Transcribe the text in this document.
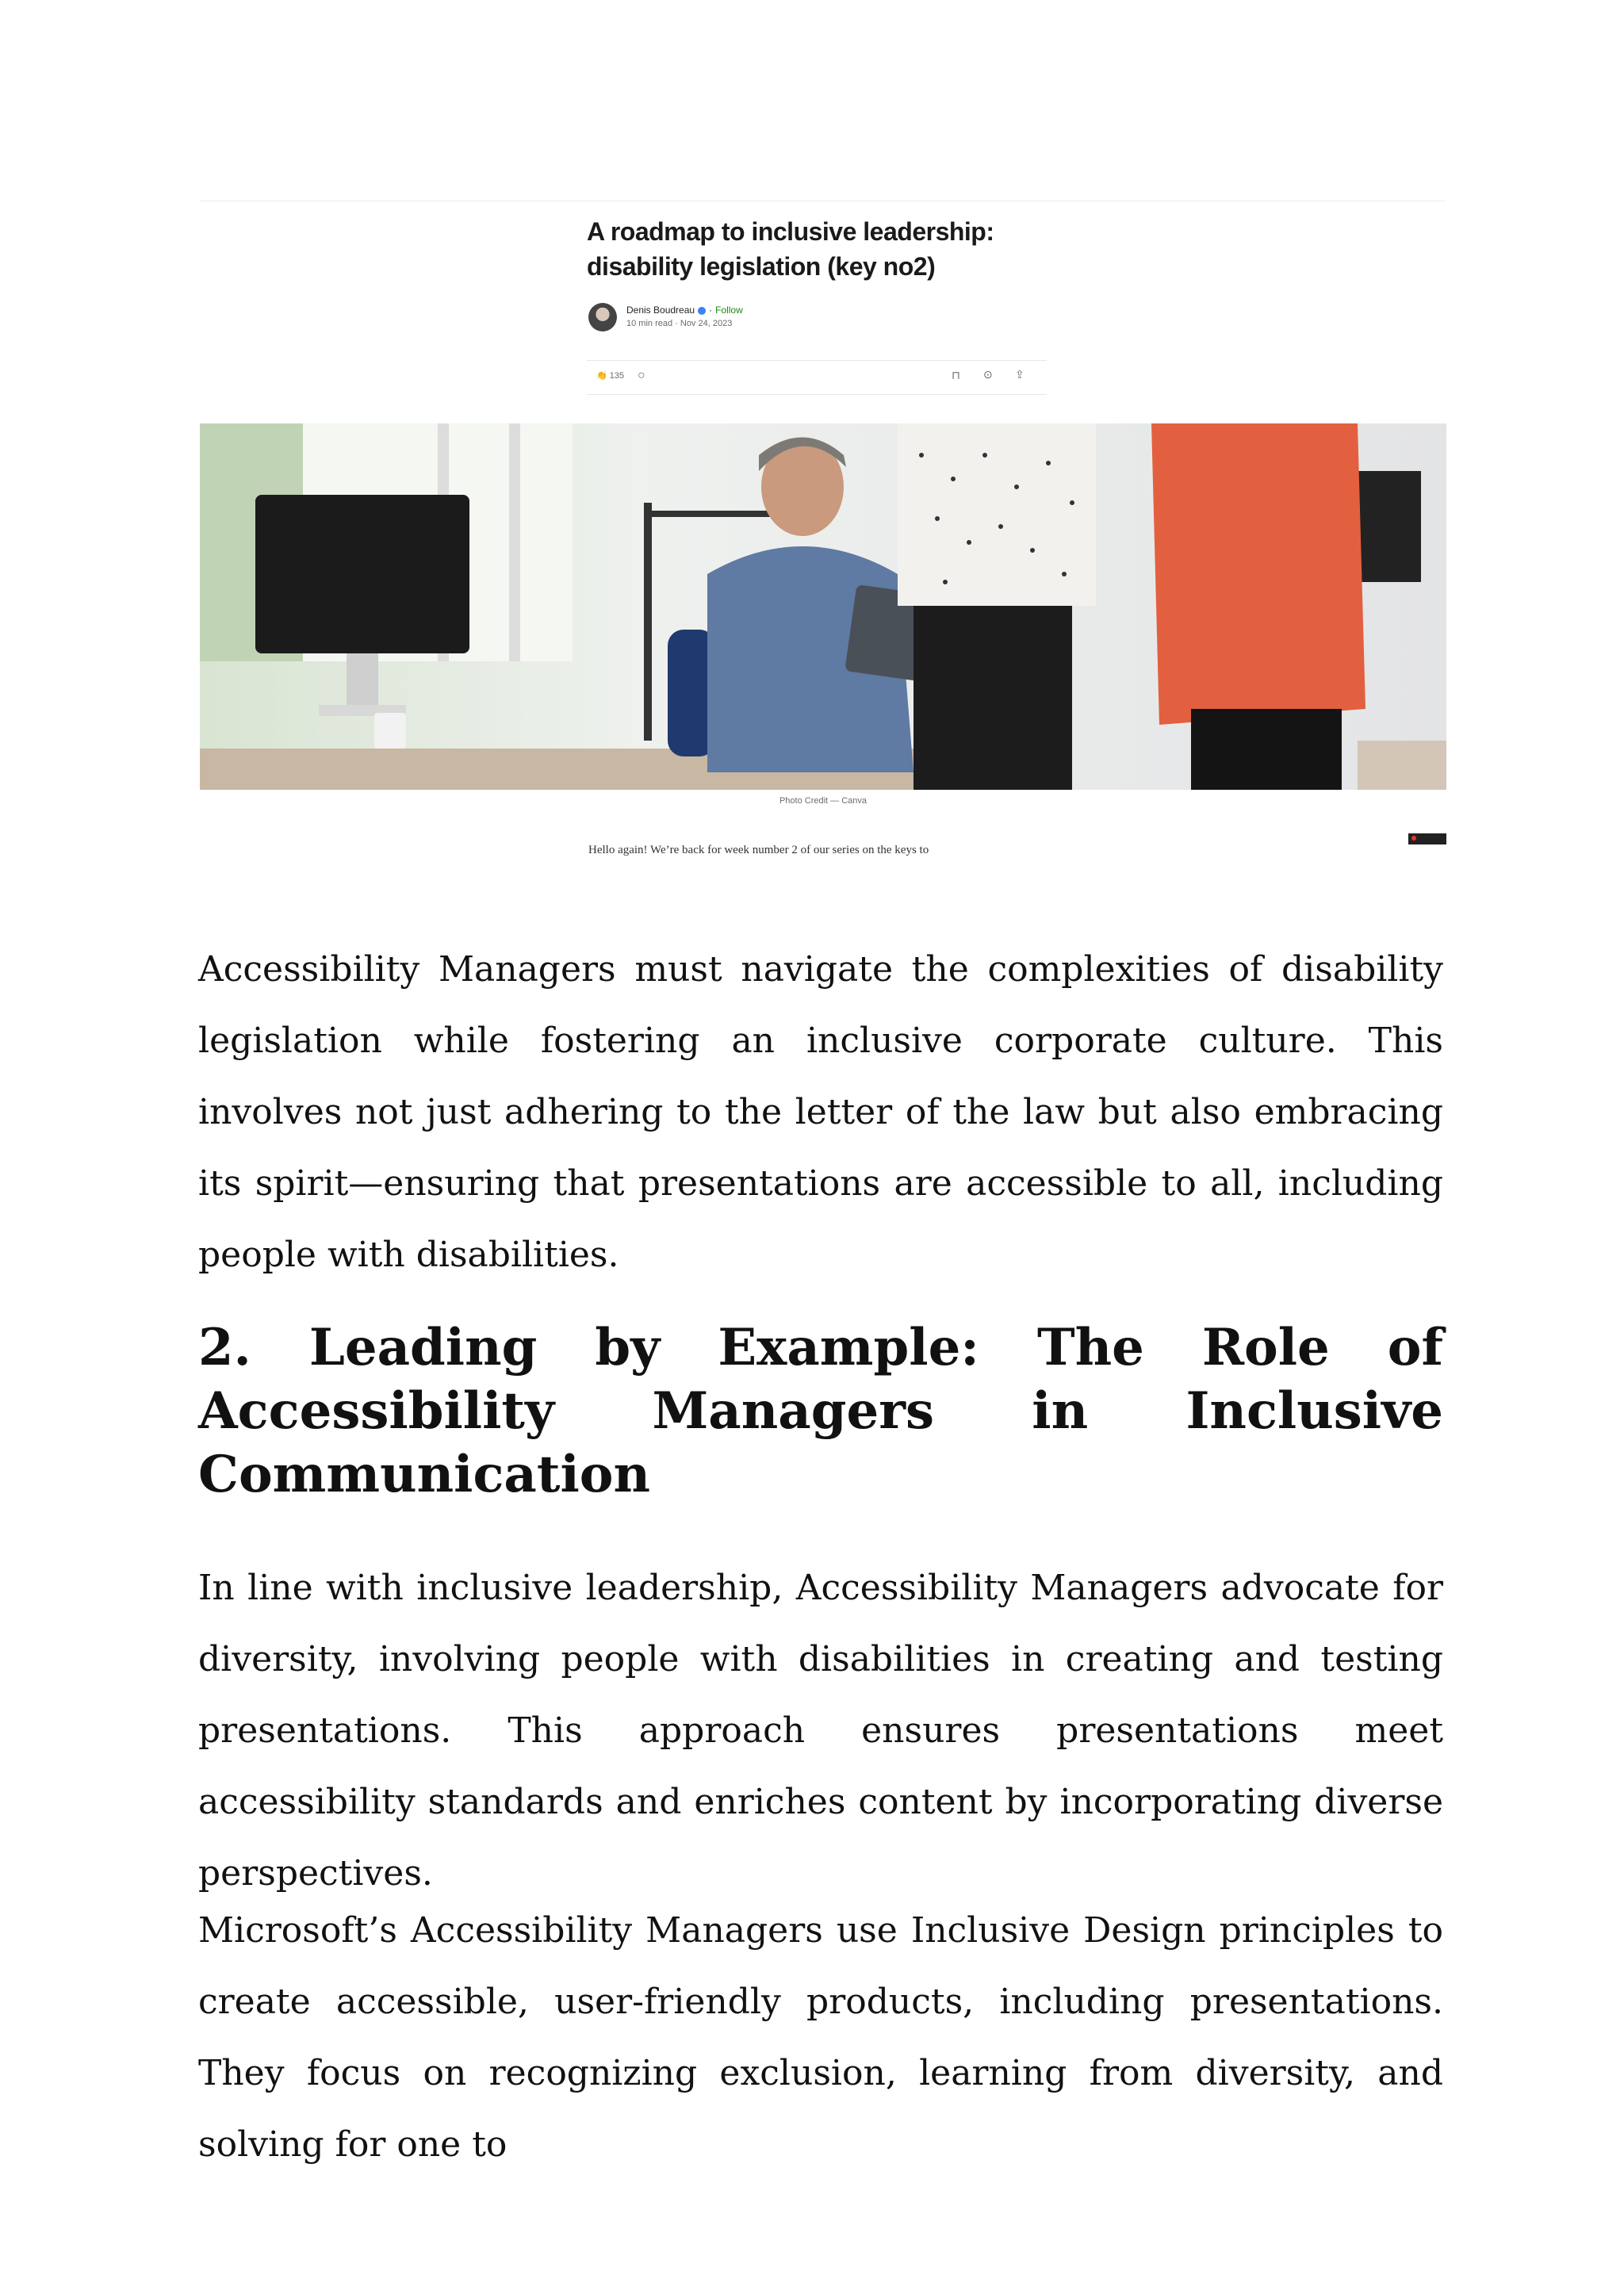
A roadmap to inclusive leadership:
disability legislation (key no2)
Denis Boudreau · Follow
10 min read · Nov 24, 2023
👏 135 ○	⊓ ⊙ ⇪
Photo Credit — Canva
screencast
Hello again! We’re back for week number 2 of our series on the keys to

Accessibility Managers must navigate the complexities of disability legislation while fostering an inclusive corporate culture. This involves not just adhering to the letter of the law but also embracing its spirit—ensuring that presentations are accessible to all, including people with disabilities.

2. Leading by Example: The Role of Accessibility Managers in Inclusive Communication

In line with inclusive leadership, Accessibility Managers advocate for diversity, involving people with disabilities in creating and testing presentations. This approach ensures presentations meet accessibility standards and enriches content by incorporating diverse perspectives.

Microsoft’s Accessibility Managers use Inclusive Design principles to create accessible, user-friendly products, including presentations. They focus on recognizing exclusion, learning from diversity, and solving for one to
